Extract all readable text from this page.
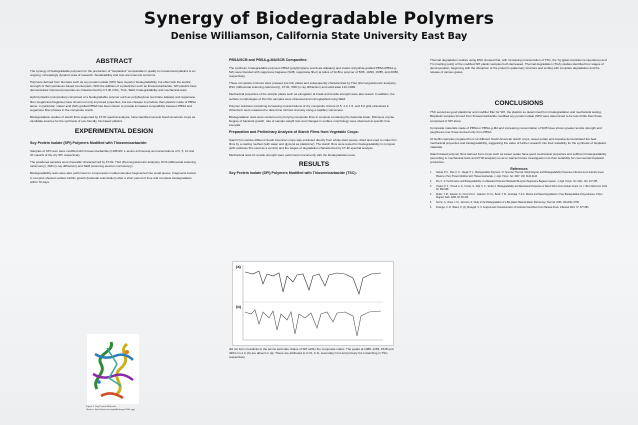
Synergy of Biodegradable Polymers
Denise Williamson, California State University East Bay
ABSTRACT

The synergy of biodegradable polymers for the production of "bioplastics" comparable in quality to conventional plastics is an ongoing, increasingly dynamic area of research. Sustainability and cost are foremost concerns.

Polymers derived from biomass such as soy protein isolate (SPI) have superior biodegradability, but often lack the tensile strength of their petroleum-based counterparts. With the addition of a plasticizer such as thiosemicarbazide, SPI plastics have demonstrated improved properties as characterized by FT-IR, DSC, TGA, SEM, biodegradability and mechanical tests.

Hybrid plastics (composites) comprised of a biodegradable polymer such as poly(butylene succinate adipate) and sugarcane fiber (sugarcane bagasse) have shown not only improved properties, but are cheaper to produce than plastics made of PBSA alone. In particular, maleic acid (MA) grafted PBSA has been shown to provide increased compatibility between PBSA and sugarcane fiber phases in the composite matrix.

Biodegradation studies of starch films supported by FT-IR spectral analysis, have identified several South American crops as candidate sources for the synthesis of eco-friendly, bio-based plastics.

EXPERIMENTAL DESIGN

Soy Protein Isolate (SPI) Polymers Modified with Thiosemicarbazide:

Samples of SPI resin were modified with thiosemicarbazide (CH5N3S; 1-amino-2-thiourea) at concentrations of 0, 5, 10 and 20 mass% of the dry SPI respectively.

The powdered samples were thereafter characterized by FT-IR, TGA (thermogravimetric analysis), DCS (differential scanning calorimetry), XRD (x-ray diffraction) and SEM (scanning electron microscopy).

Biodegradability tests were also performed on compression molded samples fragmented into small pieces. Fragments buried in compost showed surface biofilm growth (bacterial colonization) after a short period of time and complete biodegradation within 70 days.

Figure 1. Soy Protein Molecule
(Source: http://www.rcsb.org/pdb/images/1b8c.jpg)

PBSA/SCB and PBSA-g-MA/SCB Composites:

The synthetic, biodegradable polymers PBSA (poly(butylene succinate adipate)) and maleic anhydride-grafted PBSA (PBSA-g-MA) were blended with sugarcane bagasse (SCB; sugarcane fiber) at ratios of SCB to polymer of 5/95, 10/90, 15/85, and 20/80, respectively.

These composite mixtures were pressed into thin plates and subsequently characterized by TGA (thermogravimetric analysis), DSC (differential scanning calorimetry), FT-IR, XRD (x-ray diffraction) and solid-state 13C-NMR.

Mechanical properties of the sample plates such as elongation at break and tensile strength were also tested. In addition, the surface morphologies of thin film samples were observed and micrographed using SEM.

Polymer solutions containing increasing concentrations of dry composite mixture (0.5, 1.0, 1.5, and 6.0 g/dL) dissolved in chloroform were measured to determine intrinsic viscosity using a capillary viscometer.

Biodegradation tests were carried out by burying composite films in compost containing the bacterial strain, Rhizopus oryzae. Degree of bacterial growth, rate of sample weight loss and changes in surface morphology were observed at specific time intervals.

Preparation and Preliminary Analysis of Starch Films from Vegetable Crops:

Starch from twelve different South American crops was extracted directly from whole plant pieces, dried and used to make thin films by a casting method (with water and glycerol as plasticizer). The starch films were tested for biodegradability in compost (with cellulose film used as a control) and the stages of degradation characterized by FT-IR spectral analysis.

Mechanical tests for tensile strength were performed concurrently with the biodegradation tests.

RESULTS

Soy Protein Isolate (SPI) Polymers Modified with Thiosemicarbazide (TSC):

(a)
(b)
did not form crosslinks to the amino acid side chains of SPI within the composite matrix. The peaks at 1088, 1283, 1548 and 3364 cm-1 in (b) are absent in (a). These are attributed to C=S, C-N, secondary N-H and primary N-H stretching in TSC, respectively.

Thermal degradation studies using DSC showed that, with increasing concentration of TSC, the Tg (glass transition temperature) and Tm (melting point) of the modified SPI plastic samples both decreased. Thermal degradation (TGA) studies identified four stages of decomposition, beginning with the disruption of the protein's quaternary structure and ending with complete degradation and the release of various gases.

CONCLUSIONS

TSC served as good plasticizer and modifier filler for SPI, the plastics so determined from biodegradation and mechanical testing. Bioplastic samples formed from thiosemicarbazide-modified soy protein isolate (SPI) were determined to be less brittle than those comprised of SPI alone.

Composite materials made of PBSA or PBSA-g-MA and increasing concentration of SCB have shown greater tensile strength and toughness over those derived only from PBSA.

Of biofilm samples prepared from 12 different South American starch crops, sweet potato and cassava demonstrated the best mechanical properties and biodegradability, suggesting the value of further research into their suitability for the synthesis of bioplastic materials.

Starch-based polymer films derived from crops such as sweet potato have good mechanical properties and sufficient biodegradability (according to mechanical tests and FTIR analysis) so as to warrant future investigation into their suitability for commercial bioplastic production.

References
1. Nanda, P. K., Rao, K. K., Nayak, P. L., Biodegradable Polymers. XI. Spectral, Thermal, Morphological, and Biodegradability Properties of Environment-Friendly Green Plastics of Soy Protein Modified with Thiosemicarbazide. J. Appl. Polym. Sci. 2007, 103, 3134-3143.
2. Wu, C. S. Performance and Biodegradability of a Maleated Polyester Bioplastic/Recycled Sugarcane Bagasse System. J. Appl. Polym. Sci. 2011, 123, 347-355.
3. Thakur, P. K., Trivedi, A. K., Kumar, S., Datt, S. K., Sinha, K. Biodegradability and Mechanical Properties of Starch Films from Andean Crops. Int. J. Biol. Macromol. 2011, 48, 582-589.
4. Djukic, T. M., Sokovic, D., Ford, M.A.C., Jaukovic, D.J.G., Bordi, T. M., Gonzaga, T. E.C. Metrics and Mass Degradation of Soy Biodegradable Polyurethanes. Polym. Degrad. Stab. 2008, 93, 68-100.
5. Sorrier, S., Rosa, J. M., Jancisco, S. Study of the Biodegradation of a Bio-plastic Material Made. Microscopy. Thermal. 2006, 100-2004, 8786.
6. Pettinger, F. M., Baleni, P. (A), Moragatt, S. S. Analysis and Characterization of Cellulose Nanofibers From Banana Peels. Inflamasi 2010, 37, 877-883.
